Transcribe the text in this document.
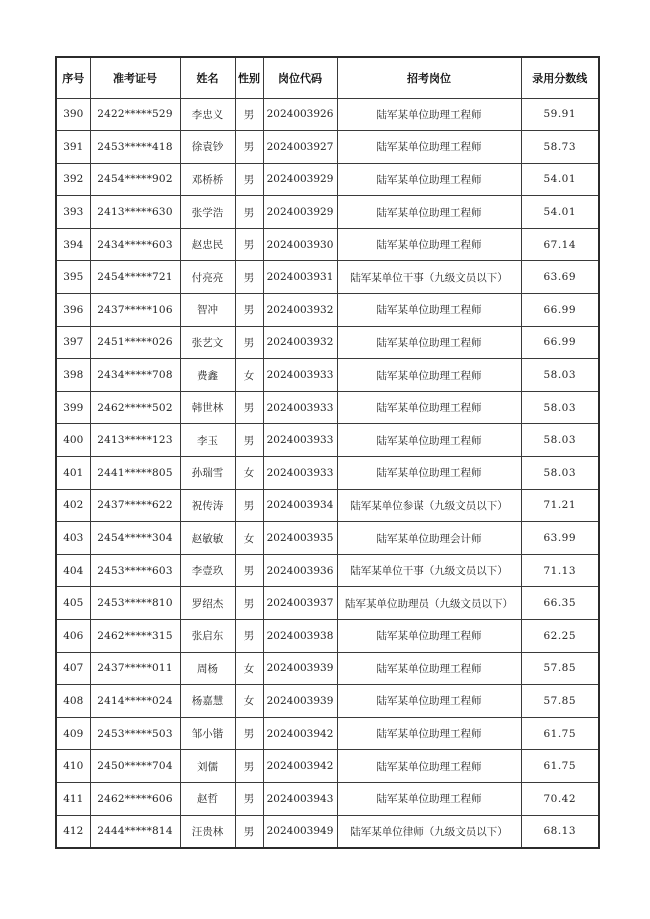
序号	准考证号	姓名	性别	岗位代码	招考岗位	录用分数线
390	2422*****529	李忠义	男	2024003926	陆军某单位助理工程师	59.91
391	2453*****418	徐袁钞	男	2024003927	陆军某单位助理工程师	58.73
392	2454*****902	邓桥桥	男	2024003929	陆军某单位助理工程师	54.01
393	2413*****630	张学浩	男	2024003929	陆军某单位助理工程师	54.01
394	2434*****603	赵忠民	男	2024003930	陆军某单位助理工程师	67.14
395	2454*****721	付亮亮	男	2024003931	陆军某单位干事（九级文员以下）	63.69
396	2437*****106	智冲	男	2024003932	陆军某单位助理工程师	66.99
397	2451*****026	张艺文	男	2024003932	陆军某单位助理工程师	66.99
398	2434*****708	费鑫	女	2024003933	陆军某单位助理工程师	58.03
399	2462*****502	韩世林	男	2024003933	陆军某单位助理工程师	58.03
400	2413*****123	李玉	男	2024003933	陆军某单位助理工程师	58.03
401	2441*****805	孙瑞雪	女	2024003933	陆军某单位助理工程师	58.03
402	2437*****622	祝传涛	男	2024003934	陆军某单位参谋（九级文员以下）	71.21
403	2454*****304	赵敏敏	女	2024003935	陆军某单位助理会计师	63.99
404	2453*****603	李壹玖	男	2024003936	陆军某单位干事（九级文员以下）	71.13
405	2453*****810	罗绍杰	男	2024003937	陆军某单位助理员（九级文员以下）	66.35
406	2462*****315	张启东	男	2024003938	陆军某单位助理工程师	62.25
407	2437*****011	周杨	女	2024003939	陆军某单位助理工程师	57.85
408	2414*****024	杨嘉慧	女	2024003939	陆军某单位助理工程师	57.85
409	2453*****503	邹小锴	男	2024003942	陆军某单位助理工程师	61.75
410	2450*****704	刘儒	男	2024003942	陆军某单位助理工程师	61.75
411	2462*****606	赵哲	男	2024003943	陆军某单位助理工程师	70.42
412	2444*****814	汪贵林	男	2024003949	陆军某单位律师（九级文员以下）	68.13
